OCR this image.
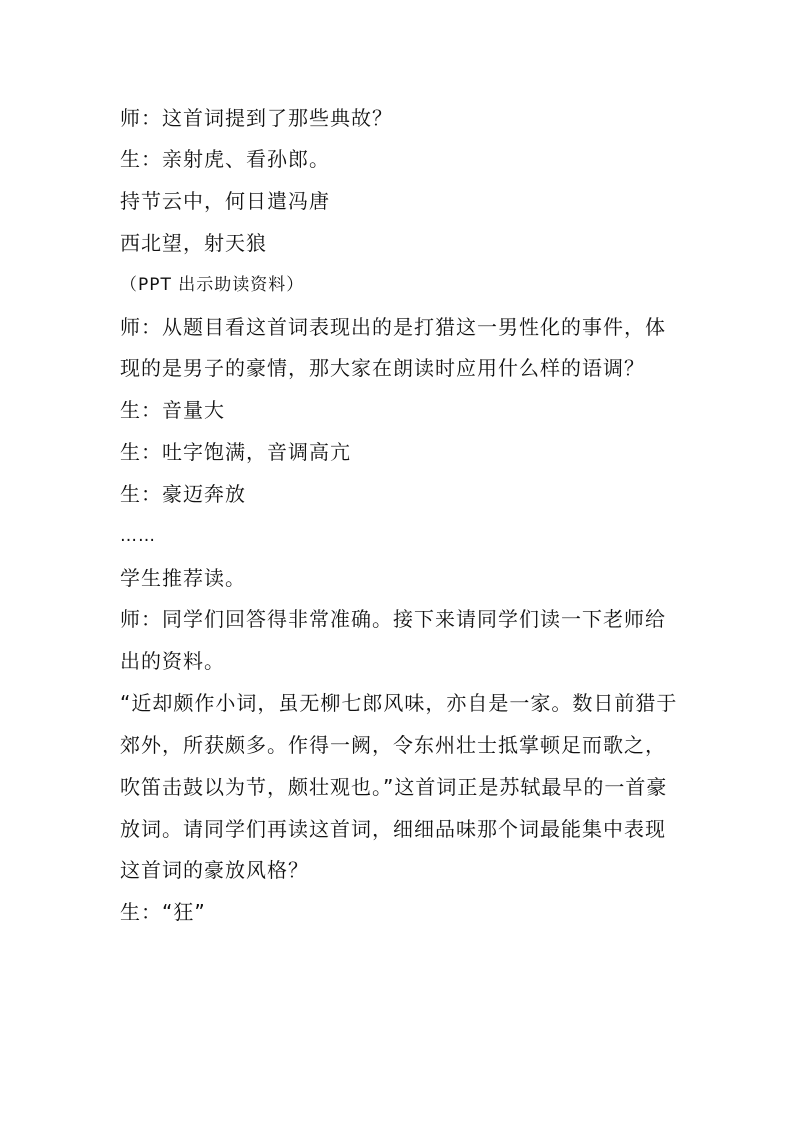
师：这首词提到了那些典故？
生：亲射虎、看孙郎。
持节云中，何日遣冯唐
西北望，射天狼
（PPT 出示助读资料）
师：从题目看这首词表现出的是打猎这一男性化的事件，体
现的是男子的豪情，那大家在朗读时应用什么样的语调？
生：音量大
生：吐字饱满，音调高亢
生：豪迈奔放
……
学生推荐读。
师：同学们回答得非常准确。接下来请同学们读一下老师给
出的资料。
“近却颇作小词，虽无柳七郎风味，亦自是一家。数日前猎于
郊外，所获颇多。作得一阙，令东州壮士抵掌顿足而歌之，
吹笛击鼓以为节，颇壮观也。”这首词正是苏轼最早的一首豪
放词。请同学们再读这首词，细细品味那个词最能集中表现
这首词的豪放风格？
生：“狂”
